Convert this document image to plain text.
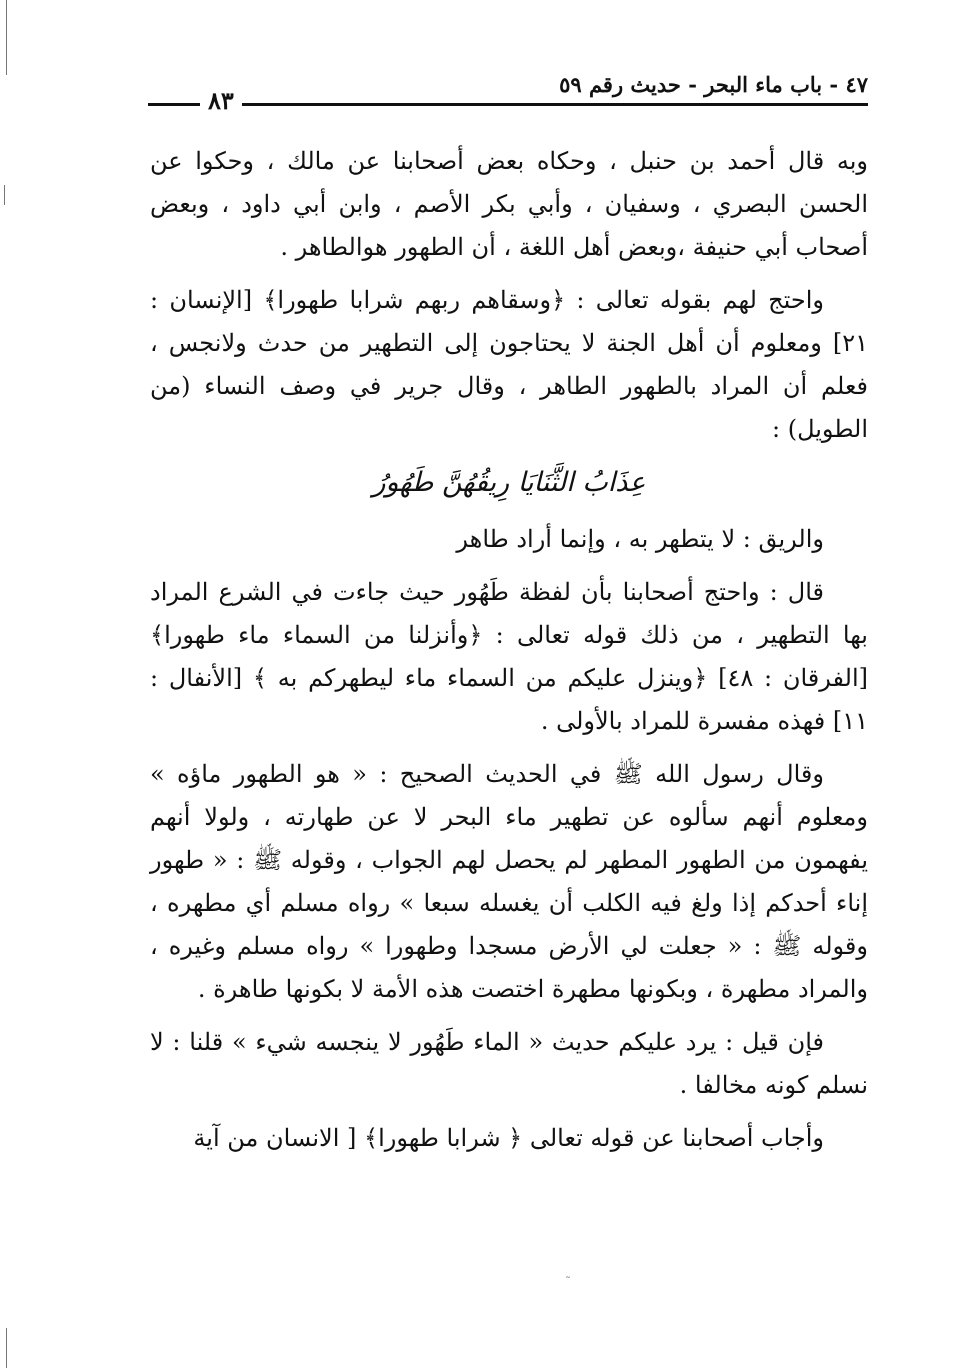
٤٧ - باب ماء البحر - حديث رقم ٥٩
٨٣

وبه قال أحمد بن حنبل ، وحكاه بعض أصحابنا عن مالك ، وحكوا عن الحسن البصري ، وسفيان ، وأبي بكر الأصم ، وابن أبي داود ، وبعض أصحاب أبي حنيفة ،وبعض أهل اللغة ، أن الطهور هوالطاهر .

واحتج لهم بقوله تعالى : ﴿وسقاهم ربهم شرابا طهورا﴾ [الإنسان : ٢١] ومعلوم أن أهل الجنة لا يحتاجون إلى التطهير من حدث ولانجس ، فعلم أن المراد بالطهور الطاهر ، وقال جرير في وصف النساء (من الطويل) :

عِذَابُ الثَّنَايَا رِيقُهُنَّ طَهُورُ

والريق : لا يتطهر به ، وإنما أراد طاهر

قال : واحتج أصحابنا بأن لفظة طَهُور حيث جاءت في الشرع المراد بها التطهير ، من ذلك قوله تعالى : ﴿وأنزلنا من السماء ماء طهورا﴾[الفرقان : ٤٨] ﴿وينزل عليكم من السماء ماء ليطهركم به ﴾ [الأنفال : ١١] فهذه مفسرة للمراد بالأولى .

وقال رسول الله ﷺ في الحديث الصحيح : « هو الطهور ماؤه » ومعلوم أنهم سألوه عن تطهير ماء البحر لا عن طهارته ، ولولا أنهم يفهمون من الطهور المطهر لم يحصل لهم الجواب ، وقوله ﷺ : « طهور إناء أحدكم إذا ولغ فيه الكلب أن يغسله سبعا » رواه مسلم أي مطهره ، وقوله ﷺ : « جعلت لي الأرض مسجدا وطهورا » رواه مسلم وغيره ، والمراد مطهرة ، وبكونها مطهرة اختصت هذه الأمة لا بكونها طاهرة .

فإن قيل : يرد عليكم حديث « الماء طَهُور لا ينجسه شيء » قلنا : لا نسلم كونه مخالفا .

وأجاب أصحابنا عن قوله تعالى ﴿ شرابا طهورا﴾ [ الانسان من آية

˜
